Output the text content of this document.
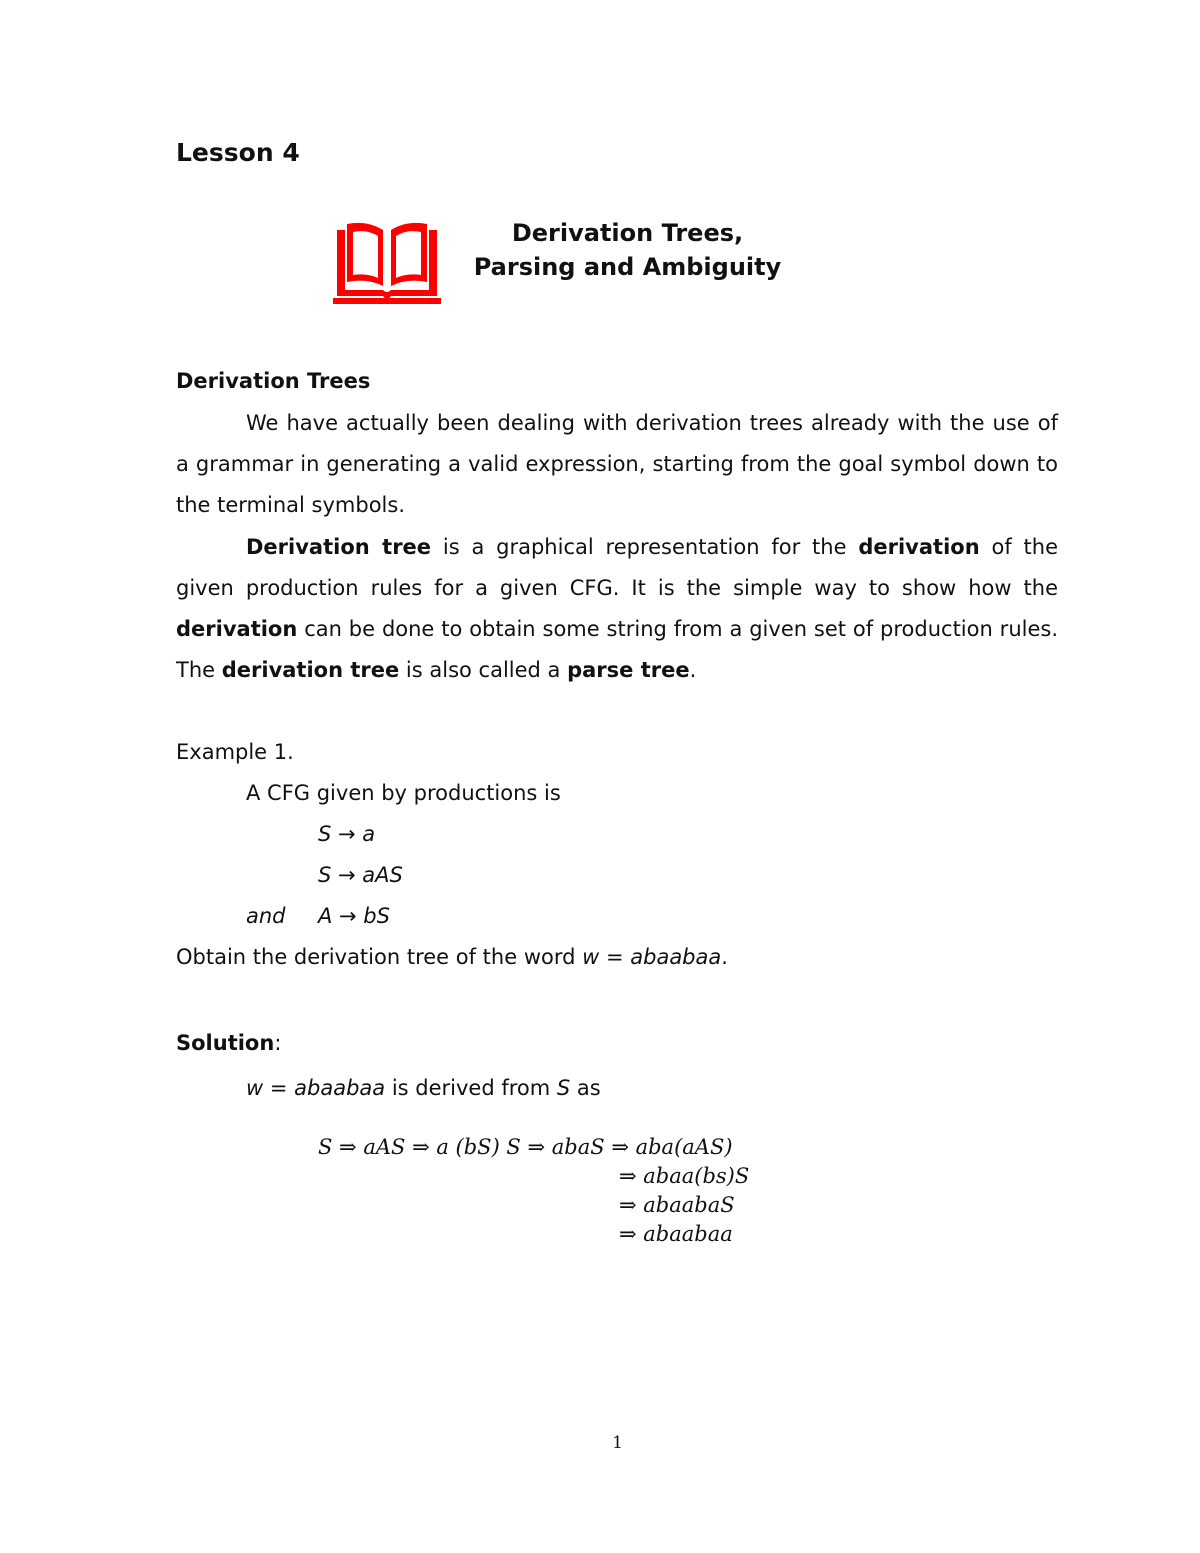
Lesson 4
Derivation Trees,
Parsing and Ambiguity
Derivation Trees
We have actually been dealing with derivation trees already with the use of a grammar in generating a valid expression, starting from the goal symbol down to the terminal symbols.
Derivation tree is a graphical representation for the derivation of the given production rules for a given CFG. It is the simple way to show how the derivation can be done to obtain some string from a given set of production rules. The derivation tree is also called a parse tree.
Example 1.
A CFG given by productions is
S → a
S → aAS
and A → bS
Obtain the derivation tree of the word w = abaabaa.
Solution:
w = abaabaa is derived from S as
S ⇒ aAS ⇒ a (bS) S ⇒ abaS ⇒ aba(aAS)
⇒ abaa(bs)S
⇒ abaabaS
⇒ abaabaa
1
